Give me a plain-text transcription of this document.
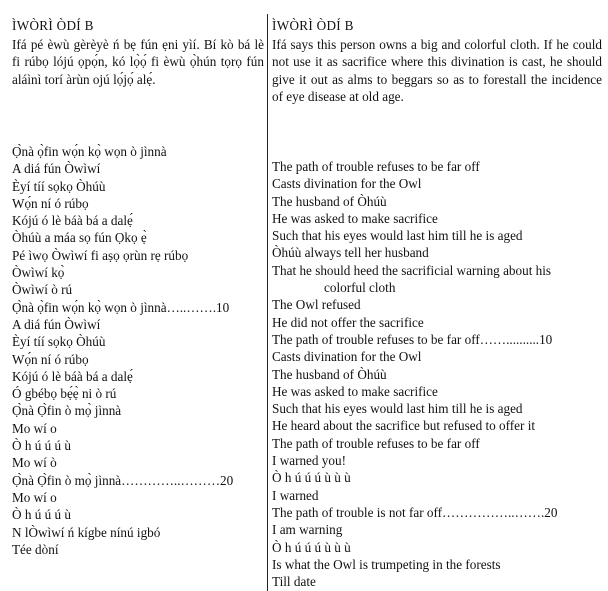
ÌWÒRÌ ÒDÍ B
Ifá pé èwù gèrèyè ń bẹ fún ẹni yìí. Bí kò bá lè fi rúbọ lójú ọpọ́n, kó lọ̀ọ́ fi èwù ọ̀hún tọrọ fún aláìnì torí àrùn ojú lọ́jọ́ alẹ́.
Ọ̀nà ọ̀fin wọ́n kọ̀ wọn ò jìnnà
A diá fún Òwìwí
Èyí tíí sọkọ Òhúù
Wọ́n ní ó rúbọ
Kójú ó lè báà bá a dalẹ́
Òhúù a máa sọ fún Ọkọ ẹ̀
Pé ìwọ Òwìwí fi aṣọ ọrùn rẹ rúbọ
Òwìwí kọ̀
Òwìwí ò rú
Ọ̀nà ọ̀fin wọ́n kọ̀ wọn ò jìnnà…..…….10
A diá fún Òwìwí
Èyí tíí sọkọ Òhúù
Wọ́n ní ó rúbọ
Kójú ó lè báà bá a dalẹ́
Ó gbébọ bẹ́ẹ̀ ni ò rú
Ọ̀nà Ọ̀fin ò mọ̀ jìnnà
Mo wí o
Ò h ú ú ú ù
Mo wí ò
Ọ̀nà Ọ̀fin ò mọ̀ jìnnà…………..………20
Mo wí o
Ò h ú ú ú ù
N lÒwìwí ń kígbe nínú igbó
Tée dòní
ÌWÒRÌ ÒDÍ B
Ifá says this person owns a big and colorful cloth. If he could not use it as sacrifice where this divination is cast, he should give it out as alms to beggars so as to forestall the incidence of eye disease at old age.
The path of trouble refuses to be far off
Casts divination for the Owl
The husband of Òhúù
He was asked to make sacrifice
Such that his eyes would last him till he is aged
Òhúù always tell her husband
That he should heed the sacrificial warning about his
colorful cloth
The Owl refused
He did not offer the sacrifice
The path of trouble refuses to be far off……..........10
Casts divination for the Owl
The husband of Òhúù
He was asked to make sacrifice
Such that his eyes would last him till he is aged
He heard about the sacrifice but refused to offer it
The path of trouble refuses to be far off
I warned you!
Ò h ú ú ú ù ù ù
I warned
The path of trouble is not far off……………..…….20
I am warning
Ò h ú ú ú ù ù ù
Is what the Owl is trumpeting in the forests
Till date
